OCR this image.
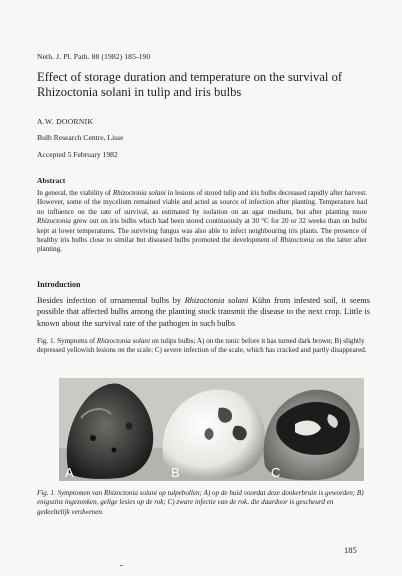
Neth. J. Pl. Path. 88 (1982) 185-190
Effect of storage duration and temperature on the survival of Rhizoctonia solani in tulip and iris bulbs
A.W. DOORNIK
Bulb Research Centre, Lisse
Accepted 5 February 1982
Abstract

In general, the viability of Rhizoctonia solani in lesions of stored tulip and iris bulbs decreased rapidly after harvest. However, some of the mycelium remained viable and acted as source of infection after planting. Temperature had no influence on the rate of survival, as estimated by isolation on an agar medium, but after planting more Rhizoctonia grew out on iris bulbs which had been stored continuously at 30 °C for 20 or 32 weeks than on bulbs kept at lower temperatures. The surviving fungus was also able to infect neighbouring iris plants. The presence of healthy iris bulbs close to similar but diseased bulbs promoted the development of Rhizoctonia on the latter after planting.

Introduction

Besides infection of ornamental bulbs by Rhizoctonia solani Kühn from infested soil, it seems possible that affected bulbs among the planting stock transmit the disease to the next crop. Little is known about the survival rate of the pathogen in such bulbs

Fig. 1. Symptoms of Rhizoctonia solani on tulips bulbs; A) on the tunic before it has turned dark brown; B) slightly depressed yellowish lesions on the scale; C) severe infection of the scale, which has cracked and partly disappeared.

A	B	C

Fig. 1. Symptomen van Rhizoctonia solani op tulpebollen; A) op de huid voordat deze donkerbruin is geworden; B) enigszins ingezonken, gelige lesies op de rok; C) zware infectie van de rok, die daardoor is gescheurd en gedeeltelijk verdwenen.

185
